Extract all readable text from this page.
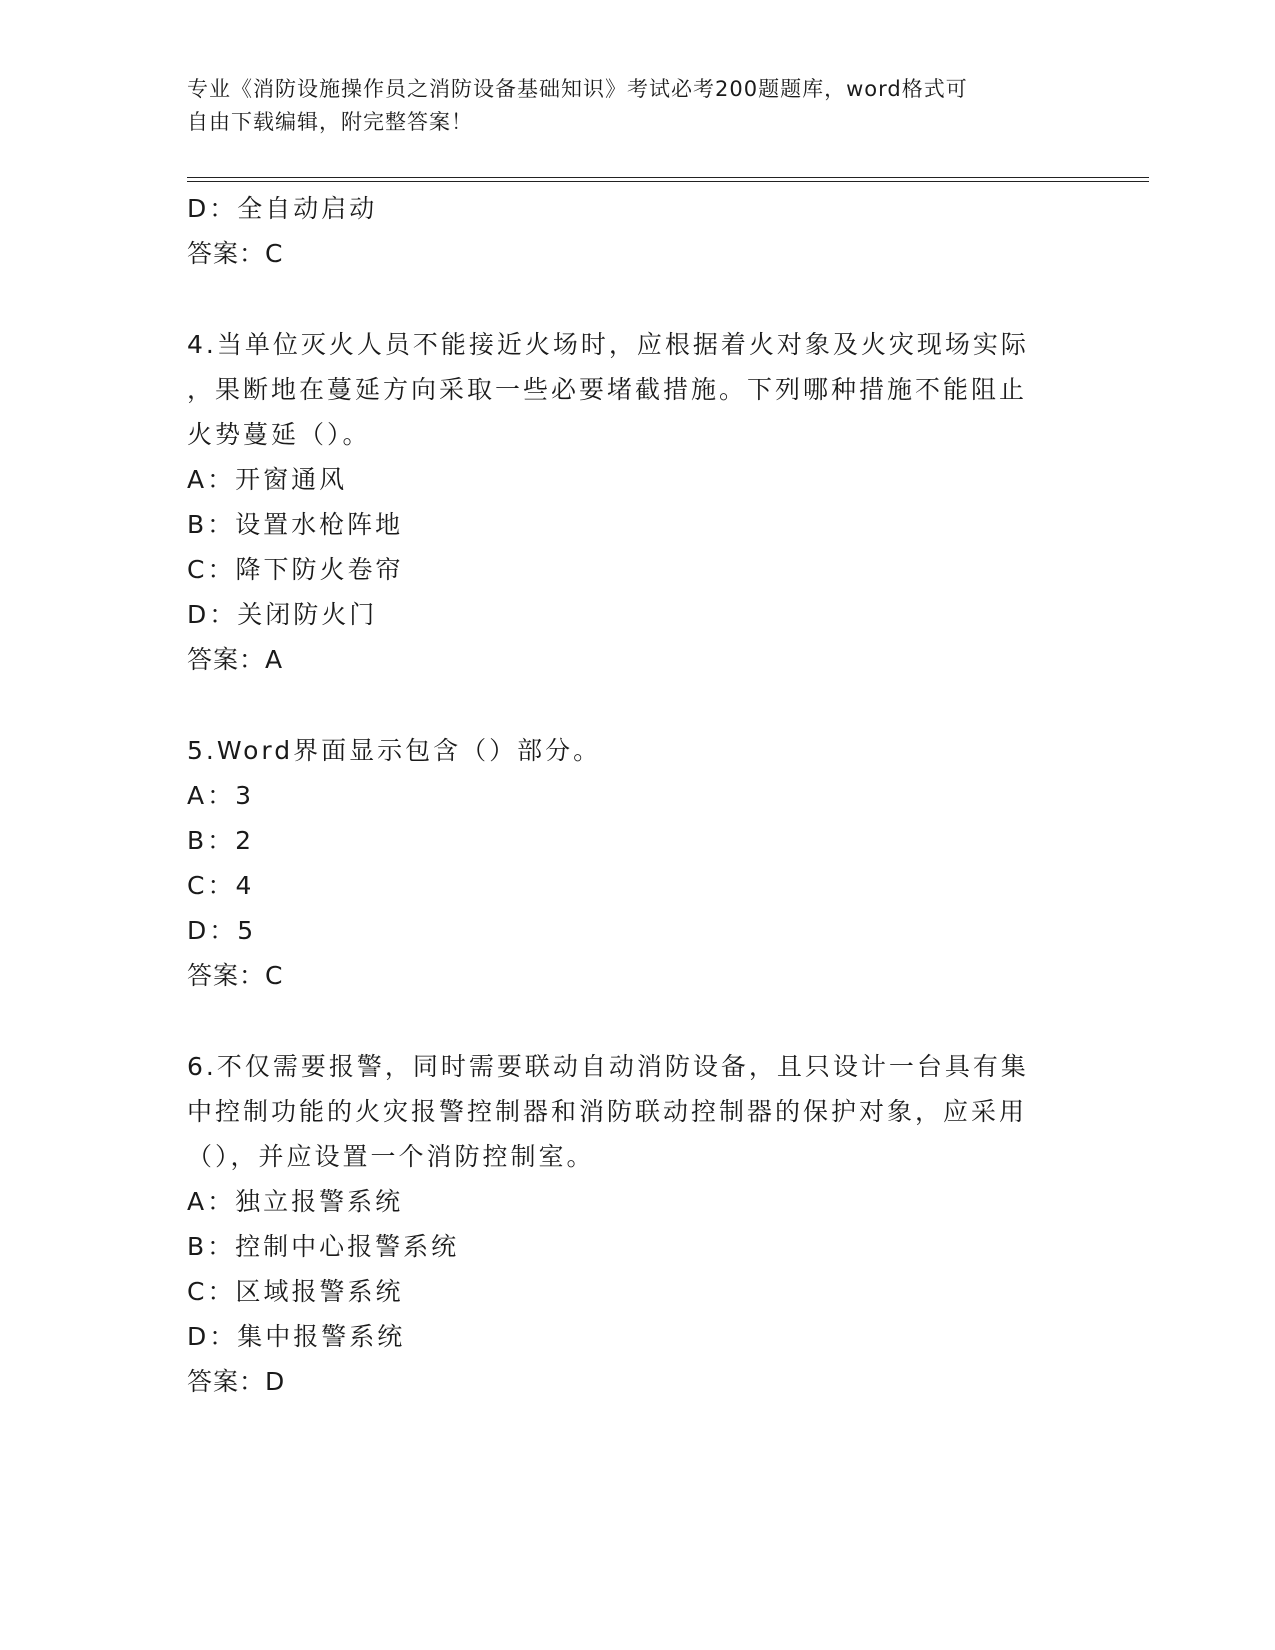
专业《消防设施操作员之消防设备基础知识》考试必考200题题库，word格式可
自由下载编辑，附完整答案！
D：全自动启动
答案：C
4.当单位灭火人员不能接近火场时，应根据着火对象及火灾现场实际
，果断地在蔓延方向采取一些必要堵截措施。下列哪种措施不能阻止
火势蔓延（）。
A：开窗通风
B：设置水枪阵地
C：降下防火卷帘
D：关闭防火门
答案：A
5.Word界面显示包含（）部分。
A：3
B：2
C：4
D：5
答案：C
6.不仅需要报警，同时需要联动自动消防设备，且只设计一台具有集
中控制功能的火灾报警控制器和消防联动控制器的保护对象，应采用
（），并应设置一个消防控制室。
A：独立报警系统
B：控制中心报警系统
C：区域报警系统
D：集中报警系统
答案：D
